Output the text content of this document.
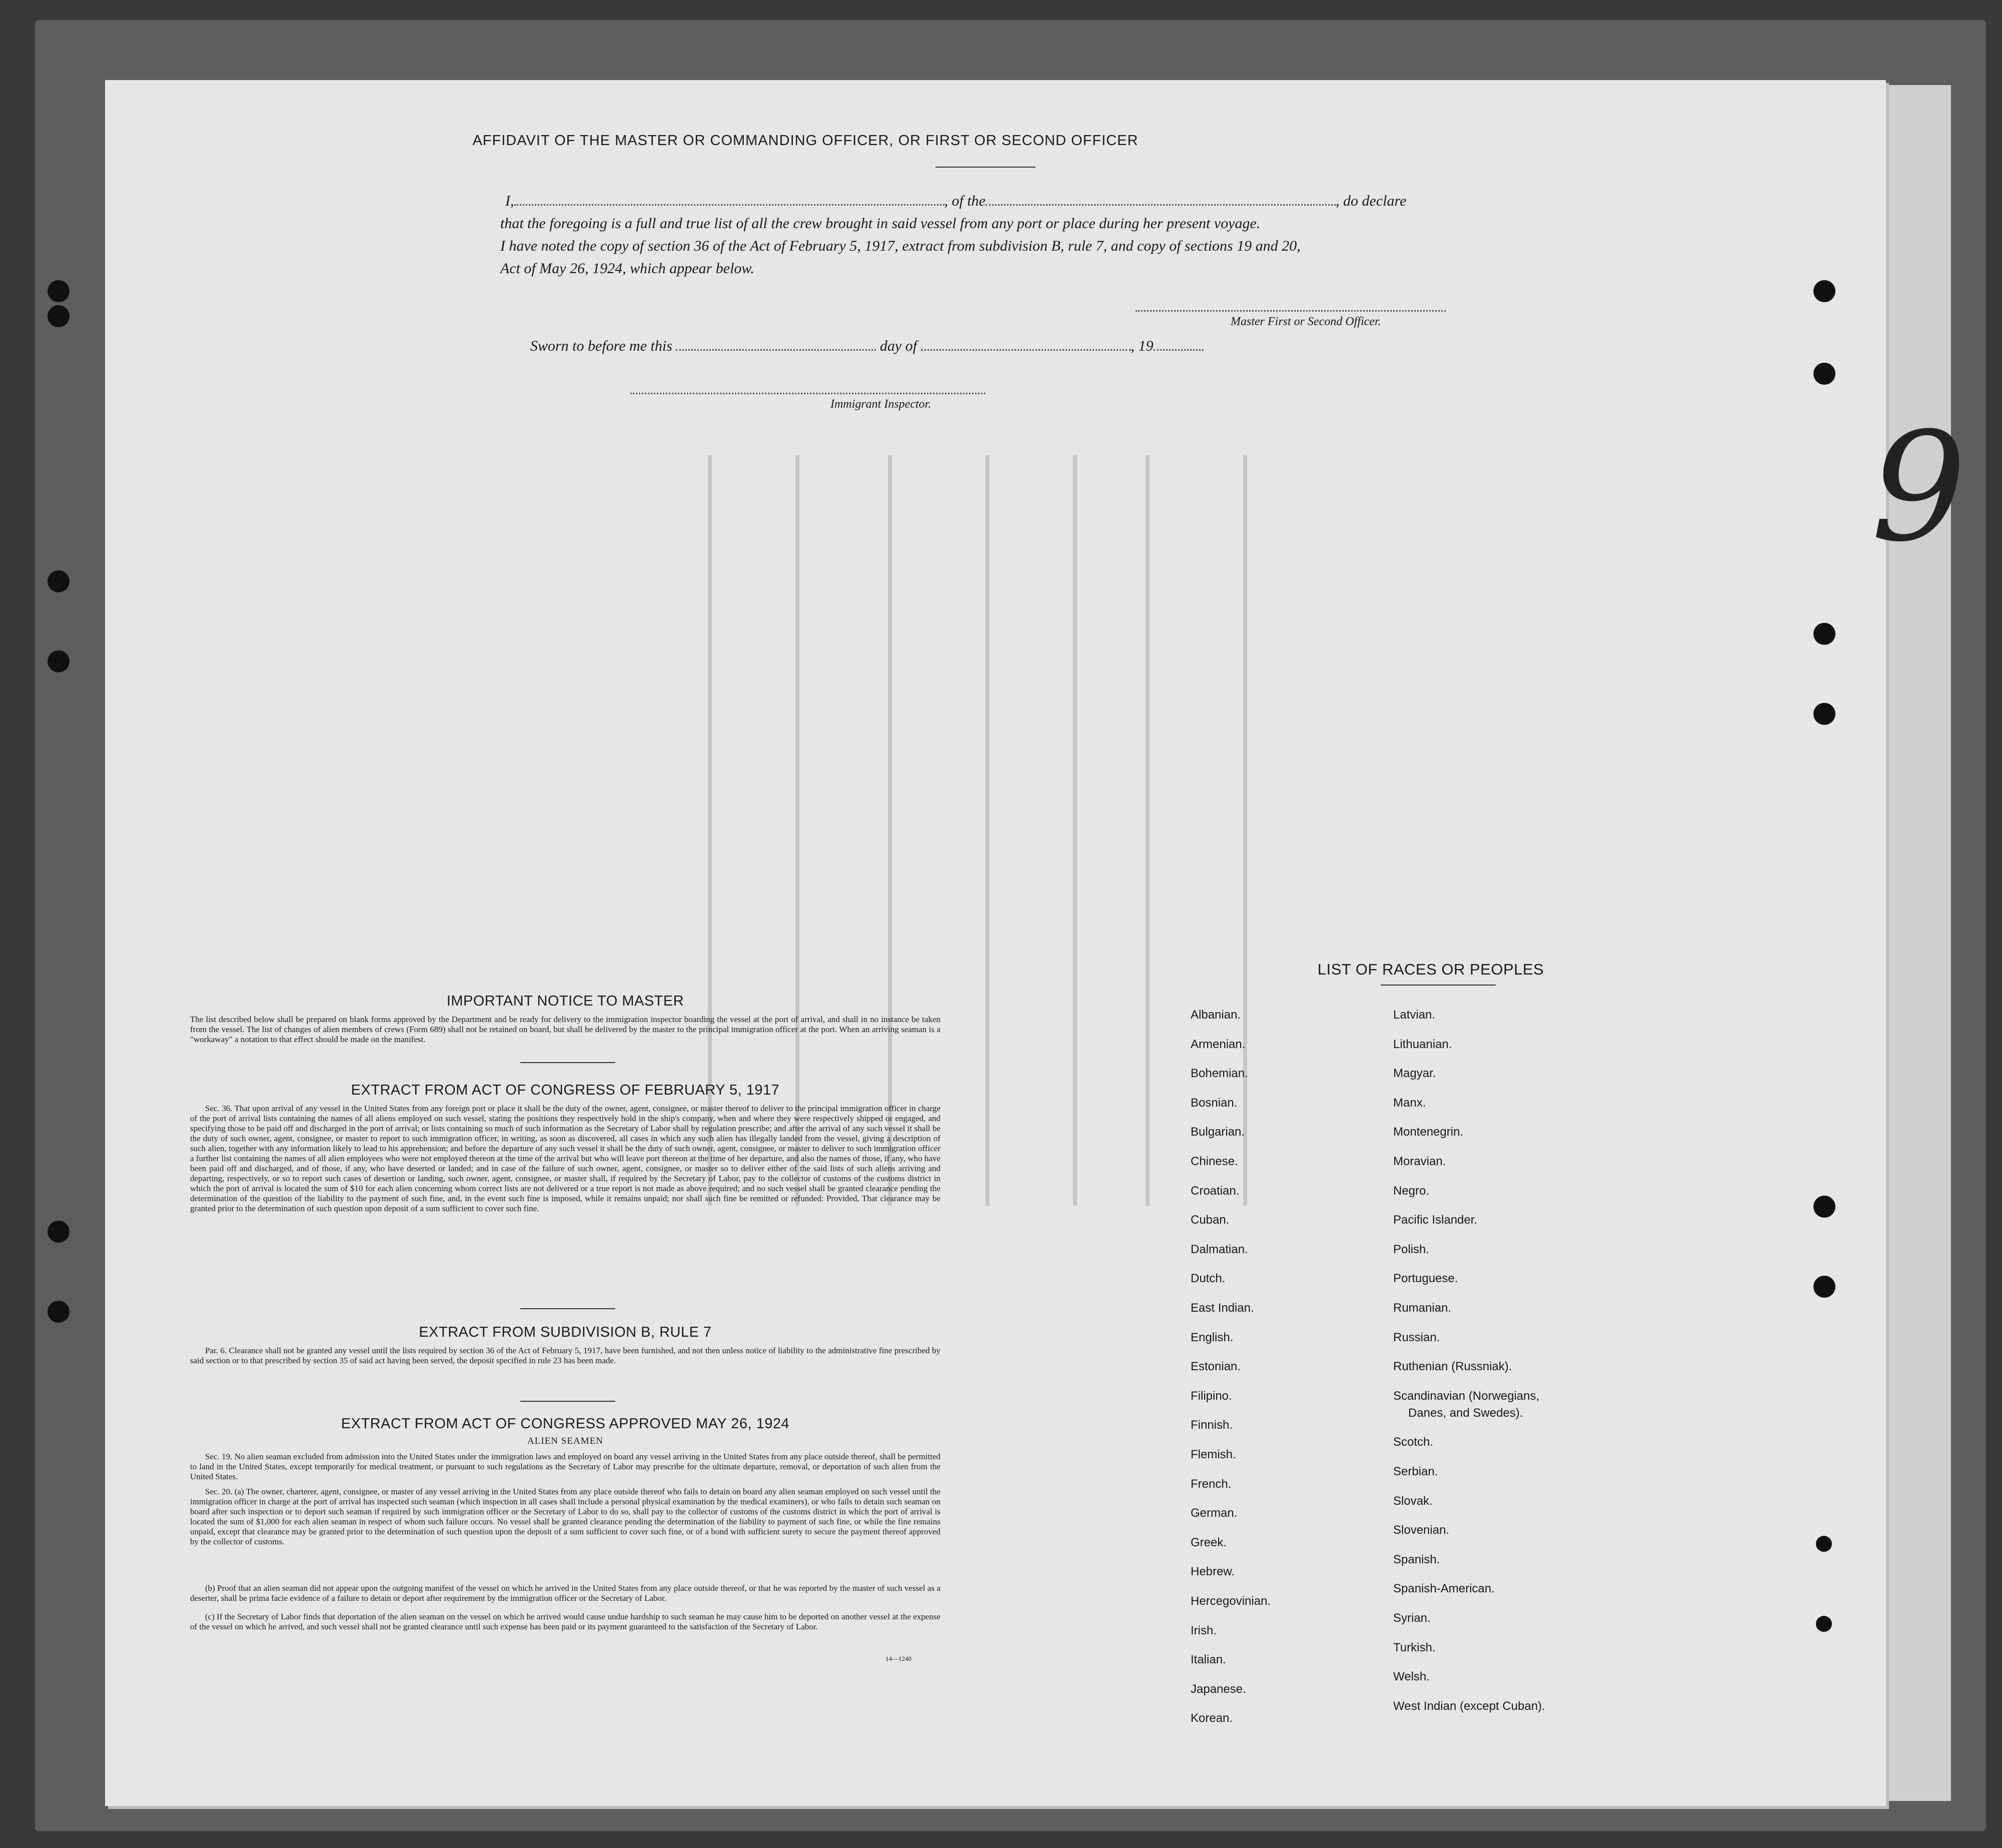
AFFIDAVIT OF THE MASTER OR COMMANDING OFFICER, OR FIRST OR SECOND OFFICER
I,	, of the	, do declare
that the foregoing is a full and true list of all the crew brought in said vessel from any port or place during her present voyage.
I have noted the copy of section 36 of the Act of February 5, 1917, extract from subdivision B, rule 7, and copy of sections 19 and 20,
Act of May 26, 1924, which appear below.
Master First or Second Officer.
Sworn to before me this	day of	, 19
Immigrant Inspector.
IMPORTANT NOTICE TO MASTER
The list described below shall be prepared on blank forms approved by the Department and be ready for delivery to the immigration inspector boarding the vessel at the port of arrival, and shall in no instance be taken from the vessel. The list of changes of alien members of crews (Form 689) shall not be retained on board, but shall be delivered by the master to the principal immigration officer at the port. When an arriving seaman is a "workaway" a notation to that effect should be made on the manifest.
EXTRACT FROM ACT OF CONGRESS OF FEBRUARY 5, 1917
Sec. 36. That upon arrival of any vessel in the United States from any foreign port or place it shall be the duty of the owner, agent, consignee, or master thereof to deliver to the principal immigration officer in charge of the port of arrival lists containing the names of all aliens employed on such vessel, stating the positions they respectively hold in the ship's company, when and where they were respectively shipped or engaged, and specifying those to be paid off and discharged in the port of arrival; or lists containing so much of such information as the Secretary of Labor shall by regulation prescribe; and after the arrival of any such vessel it shall be the duty of such owner, agent, consignee, or master to report to such immigration officer, in writing, as soon as discovered, all cases in which any such alien has illegally landed from the vessel, giving a description of such alien, together with any information likely to lead to his apprehension; and before the departure of any such vessel it shall be the duty of such owner, agent, consignee, or master to deliver to such immigration officer a further list containing the names of all alien employees who were not employed thereon at the time of the arrival but who will leave port thereon at the time of her departure, and also the names of those, if any, who have been paid off and discharged, and of those, if any, who have deserted or landed; and in case of the failure of such owner, agent, consignee, or master so to deliver either of the said lists of such aliens arriving and departing, respectively, or so to report such cases of desertion or landing, such owner, agent, consignee, or master shall, if required by the Secretary of Labor, pay to the collector of customs of the customs district in which the port of arrival is located the sum of $10 for each alien concerning whom correct lists are not delivered or a true report is not made as above required; and no such vessel shall be granted clearance pending the determination of the question of the liability to the payment of such fine, and, in the event such fine is imposed, while it remains unpaid; nor shall such fine be remitted or refunded: Provided, That clearance may be granted prior to the determination of such question upon deposit of a sum sufficient to cover such fine.
EXTRACT FROM SUBDIVISION B, RULE 7
Par. 6. Clearance shall not be granted any vessel until the lists required by section 36 of the Act of February 5, 1917, have been furnished, and not then unless notice of liability to the administrative fine prescribed by said section or to that prescribed by section 35 of said act having been served, the deposit specified in rule 23 has been made.
EXTRACT FROM ACT OF CONGRESS APPROVED MAY 26, 1924
ALIEN SEAMEN
Sec. 19. No alien seaman excluded from admission into the United States under the immigration laws and employed on board any vessel arriving in the United States from any place outside thereof, shall be permitted to land in the United States, except temporarily for medical treatment, or pursuant to such regulations as the Secretary of Labor may prescribe for the ultimate departure, removal, or deportation of such alien from the United States.
Sec. 20. (a) The owner, charterer, agent, consignee, or master of any vessel arriving in the United States from any place outside thereof who fails to detain on board any alien seaman employed on such vessel until the immigration officer in charge at the port of arrival has inspected such seaman (which inspection in all cases shall include a personal physical examination by the medical examiners), or who fails to detain such seaman on board after such inspection or to deport such seaman if required by such immigration officer or the Secretary of Labor to do so, shall pay to the collector of customs of the customs district in which the port of arrival is located the sum of $1,000 for each alien seaman in respect of whom such failure occurs. No vessel shall be granted clearance pending the determination of the liability to payment of such fine, or while the fine remains unpaid, except that clearance may be granted prior to the determination of such question upon the deposit of a sum sufficient to cover such fine, or of a bond with sufficient surety to secure the payment thereof approved by the collector of customs.
(b) Proof that an alien seaman did not appear upon the outgoing manifest of the vessel on which he arrived in the United States from any place outside thereof, or that he was reported by the master of such vessel as a deserter, shall be prima facie evidence of a failure to detain or deport after requirement by the immigration officer or the Secretary of Labor.
(c) If the Secretary of Labor finds that deportation of the alien seaman on the vessel on which he arrived would cause undue hardship to such seaman he may cause him to be deported on another vessel at the expense of the vessel on which he arrived, and such vessel shall not be granted clearance until such expense has been paid or its payment guaranteed to the satisfaction of the Secretary of Labor.
14—1240
LIST OF RACES OR PEOPLES
Albanian.
Armenian.
Bohemian.
Bosnian.
Bulgarian.
Chinese.
Croatian.
Cuban.
Dalmatian.
Dutch.
East Indian.
English.
Estonian.
Filipino.
Finnish.
Flemish.
French.
German.
Greek.
Hebrew.
Hercegovinian.
Irish.
Italian.
Japanese.
Korean.
Latvian.
Lithuanian.
Magyar.
Manx.
Montenegrin.
Moravian.
Negro.
Pacific Islander.
Polish.
Portuguese.
Rumanian.
Russian.
Ruthenian (Russniak).
Scandinavian (Norwegians,
Danes, and Swedes).
Scotch.
Serbian.
Slovak.
Slovenian.
Spanish.
Spanish-American.
Syrian.
Turkish.
Welsh.
West Indian (except Cuban).
9
